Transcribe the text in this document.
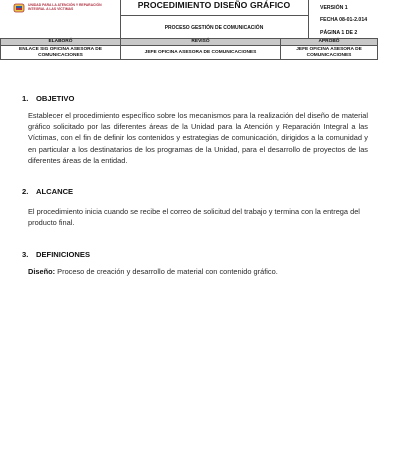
UNIDAD PARA LA ATENCIÓN Y REPARACIÓN INTEGRAL A LAS VÍCTIMAS	PROCEDIMIENTO DISEÑO GRÁFICO
PROCESO GESTIÓN DE COMUNICACIÓN
VERSIÓN 1
FECHA 08-01-2.014
PÁGINA 1 DE 2
ELABORÓ	REVISÓ	APROBÓ
ENLACE SIG OFICINA ASESORA DE COMUNICACIONES	JEFE OFICINA ASESORA DE COMUNICACIONES	JEFE OFICINA ASESORA DE COMUNICACIONES
1. OBJETIVO
Establecer el procedimiento específico sobre los mecanismos para la realización del diseño de material gráfico solicitado por las diferentes áreas de la Unidad para la Atención y Reparación Integral a las Víctimas, con el fin de definir los contenidos y estrategias de comunicación, dirigidos a la comunidad y en particular a los destinatarios de los programas de la Unidad, para el desarrollo de proyectos de las diferentes áreas de la entidad.
2. ALCANCE
El procedimiento inicia cuando se recibe el correo de solicitud del trabajo y termina con la entrega del producto final.
3. DEFINICIONES
Diseño: Proceso de creación y desarrollo de material con contenido gráfico.
